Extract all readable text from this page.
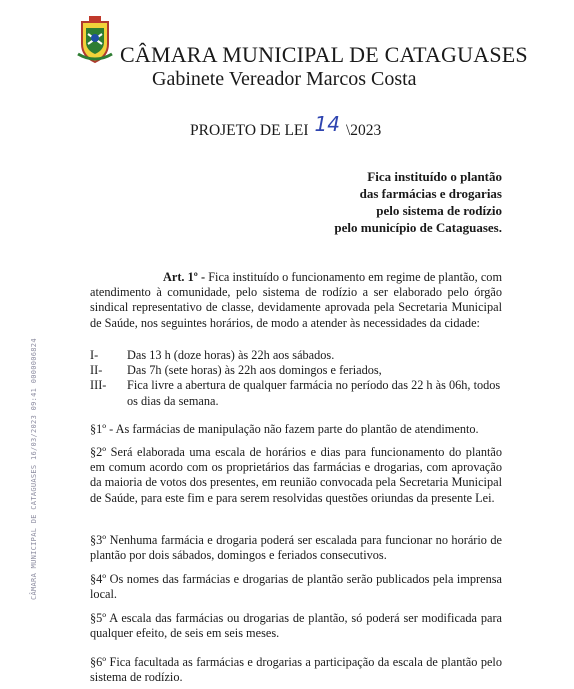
CÂMARA MUNICIPAL DE CATAGUASES
Gabinete Vereador Marcos Costa
PROJETO DE LEI 14 \2023
Fica instituído o plantão
das farmácias e drogarias
pelo sistema de rodízio
pelo município de Cataguases.
CÂMARA MUNICIPAL DE CATAGUASES 16/03/2023 09:41 0000006824
Art. 1º - Fica instituído o funcionamento em regime de plantão, com atendimento à comunidade, pelo sistema de rodízio a ser elaborado pelo órgão sindical representativo de classe, devidamente aprovada pela Secretaria Municipal de Saúde, nos seguintes horários, de modo a atender às necessidades da cidade:
I-	Das 13 h (doze horas) às 22h aos sábados.
II-	Das 7h (sete horas) às 22h aos domingos e feriados,
III-	Fica livre a abertura de qualquer farmácia no período das 22 h às 06h, todos os dias da semana.
§1º - As farmácias de manipulação não fazem parte do plantão de atendimento.
§2º Será elaborada uma escala de horários e dias para funcionamento do plantão em comum acordo com os proprietários das farmácias e drogarias, com aprovação da maioria de votos dos presentes, em reunião convocada pela Secretaria Municipal de Saúde, para este fim e para serem resolvidas questões oriundas da presente Lei.
§3º Nenhuma farmácia e drogaria poderá ser escalada para funcionar no horário de plantão por dois sábados, domingos e feriados consecutivos.
§4º Os nomes das farmácias e drogarias de plantão serão publicados pela imprensa local.
§5º A escala das farmácias ou drogarias de plantão, só poderá ser modificada para qualquer efeito, de seis em seis meses.
§6º Fica facultada as farmácias e drogarias a participação da escala de plantão pelo sistema de rodízio.
